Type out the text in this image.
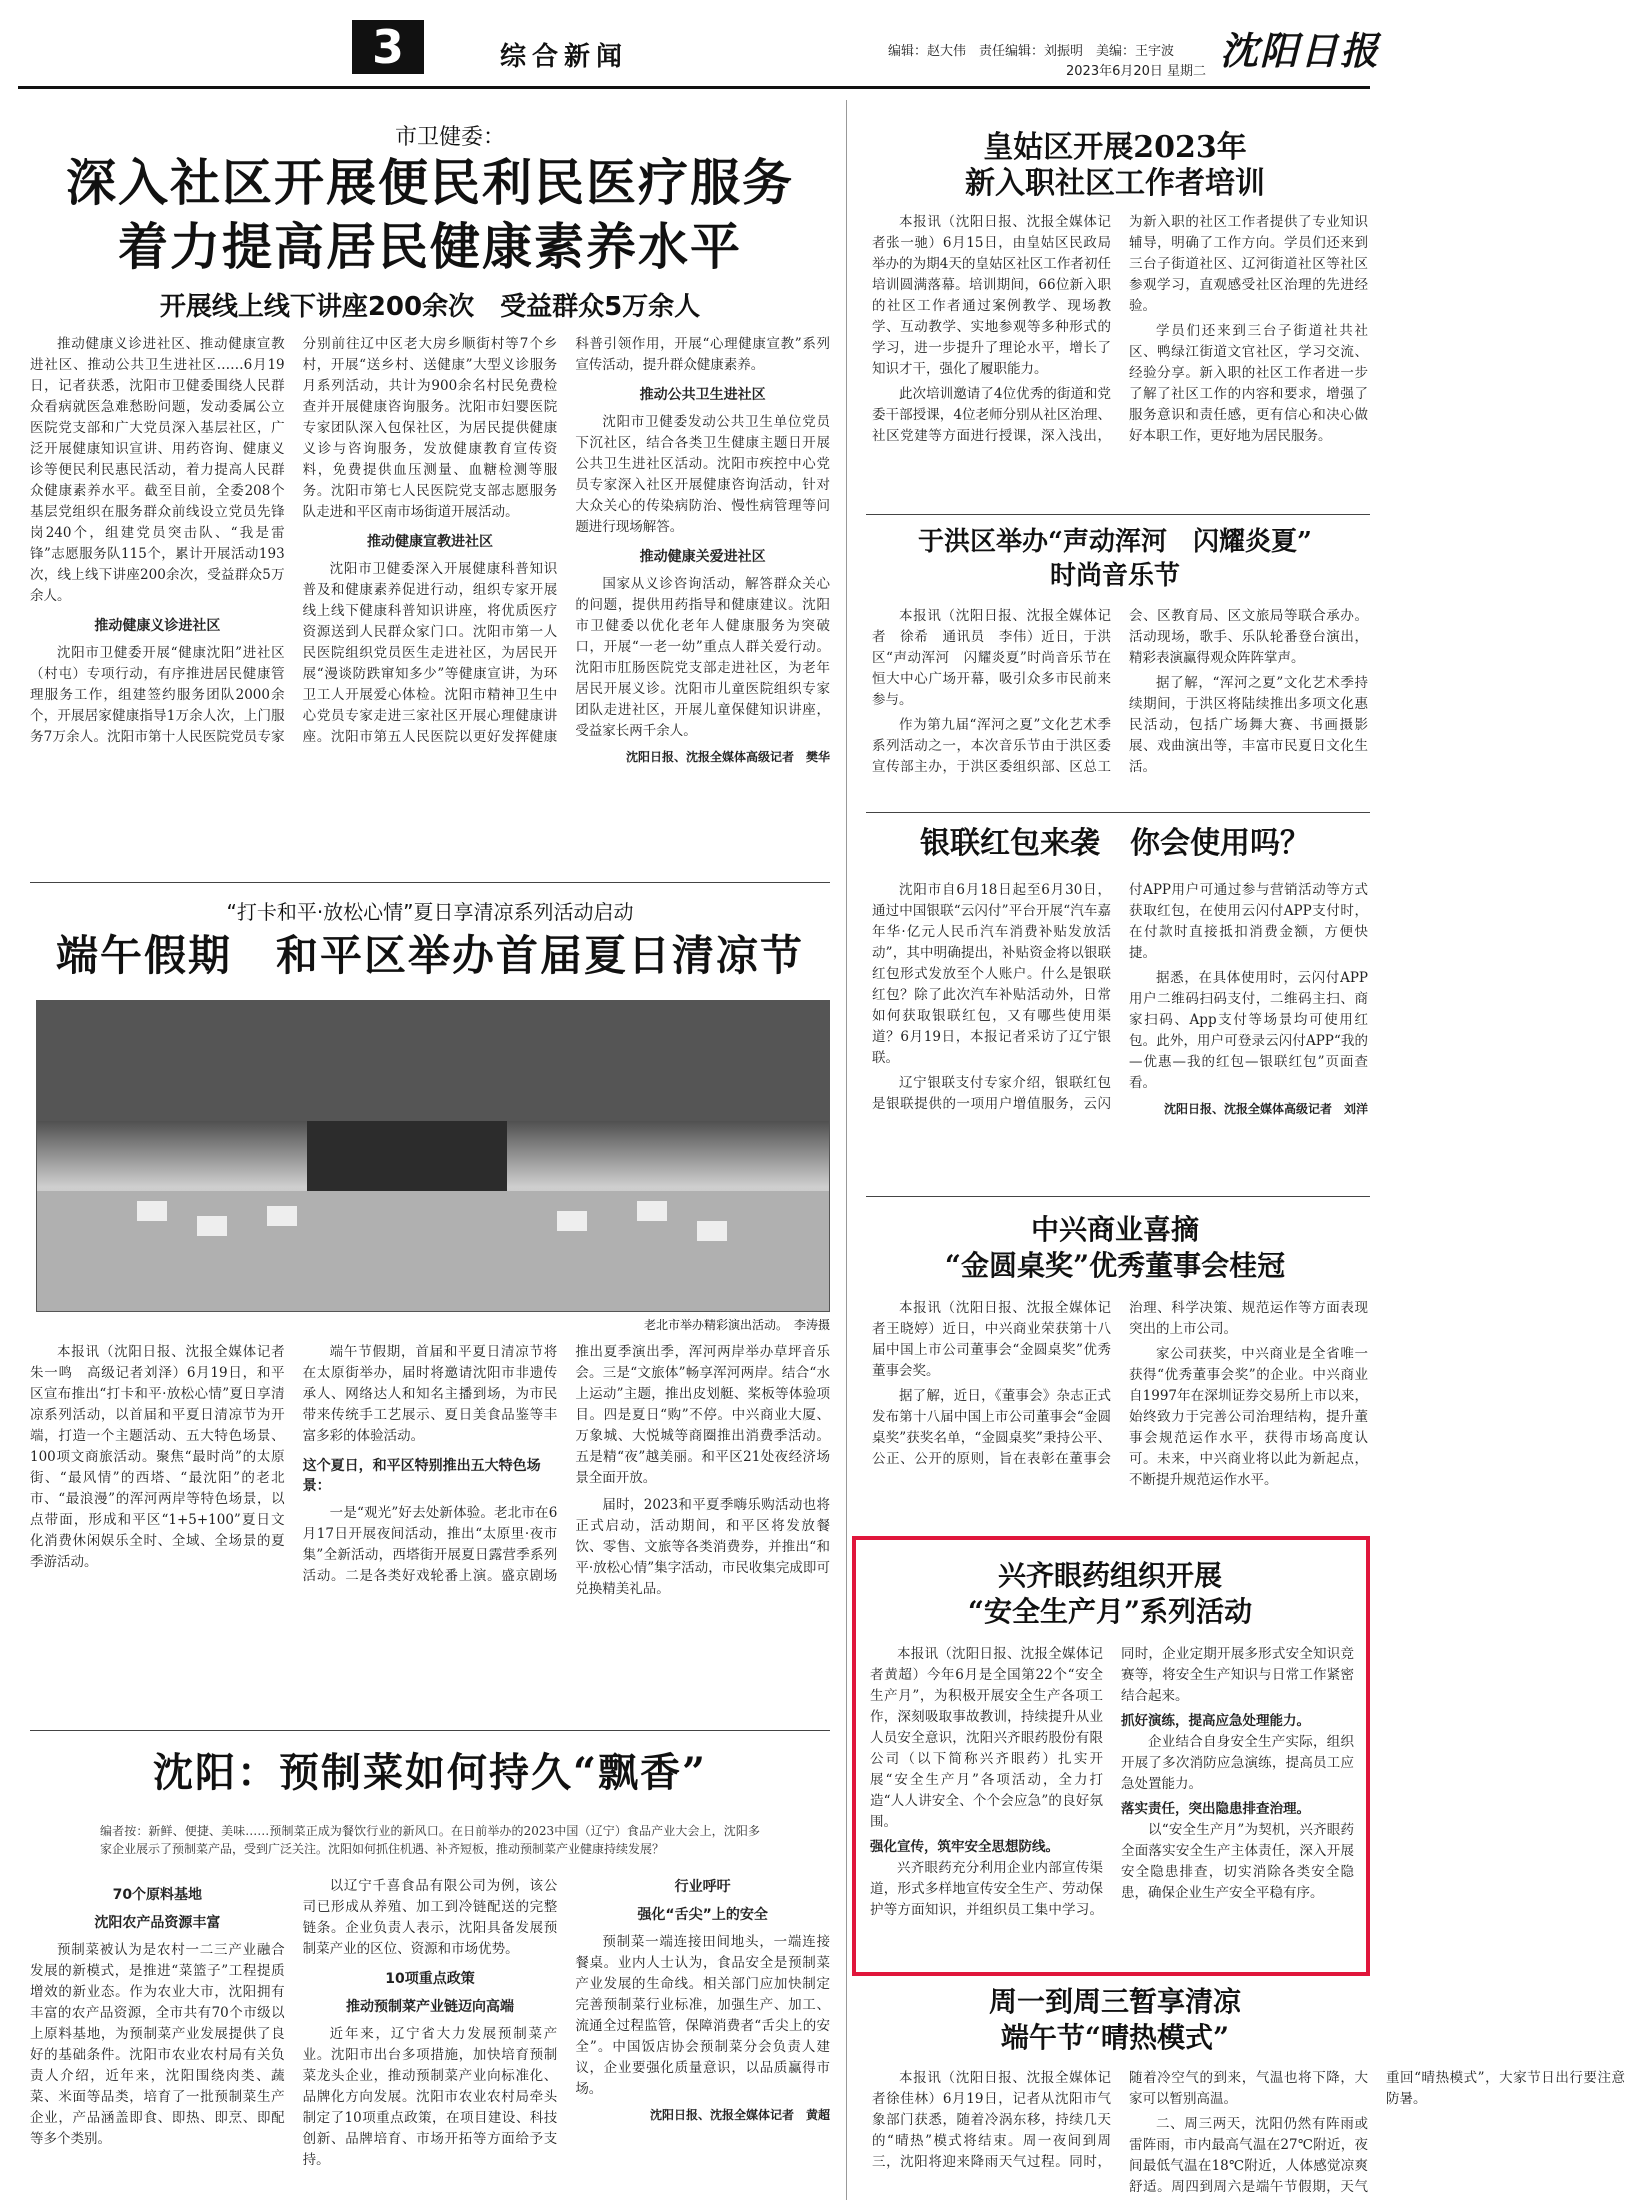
3	综合新闻	编辑：赵大伟　责任编辑：刘振明　美编：王宇波
2023年6月20日 星期二 沈阳日报
市卫健委：
深入社区开展便民利民医疗服务
着力提高居民健康素养水平
开展线上线下讲座200余次　受益群众5万余人

推动健康义诊进社区、推动健康宣教进社区、推动公共卫生进社区……6月19日，记者获悉，沈阳市卫健委围绕人民群众看病就医急难愁盼问题，发动委属公立医院党支部和广大党员深入基层社区，广泛开展健康知识宣讲、用药咨询、健康义诊等便民利民惠民活动，着力提高人民群众健康素养水平。截至目前，全委208个基层党组织在服务群众前线设立党员先锋岗240个，组建党员突击队、“我是雷锋”志愿服务队115个，累计开展活动193次，线上线下讲座200余次，受益群众5万余人。

推动健康义诊进社区

沈阳市卫健委开展“健康沈阳”进社区（村屯）专项行动，有序推进居民健康管理服务工作，组建签约服务团队2000余个，开展居家健康指导1万余人次，上门服务7万余人。沈阳市第十人民医院党员专家分别前往辽中区老大房乡顺街村等7个乡村，开展“送乡村、送健康”大型义诊服务月系列活动，共计为900余名村民免费检查并开展健康咨询服务。沈阳市妇婴医院专家团队深入包保社区，为居民提供健康义诊与咨询服务，发放健康教育宣传资料，免费提供血压测量、血糖检测等服务。沈阳市第七人民医院党支部志愿服务队走进和平区南市场街道开展活动。

推动健康宣教进社区

沈阳市卫健委深入开展健康科普知识普及和健康素养促进行动，组织专家开展线上线下健康科普知识讲座，将优质医疗资源送到人民群众家门口。沈阳市第一人民医院组织党员医生走进社区，为居民开展“漫谈防跌窜知多少”等健康宣讲，为环卫工人开展爱心体检。沈阳市精神卫生中心党员专家走进三家社区开展心理健康讲座。沈阳市第五人民医院以更好发挥健康科普引领作用，开展“心理健康宣教”系列宣传活动，提升群众健康素养。

推动公共卫生进社区

沈阳市卫健委发动公共卫生单位党员下沉社区，结合各类卫生健康主题日开展公共卫生进社区活动。沈阳市疾控中心党员专家深入社区开展健康咨询活动，针对大众关心的传染病防治、慢性病管理等问题进行现场解答。

推动健康关爱进社区

国家从义诊咨询活动，解答群众关心的问题，提供用药指导和健康建议。沈阳市卫健委以优化老年人健康服务为突破口，开展“一老一幼”重点人群关爱行动。沈阳市肛肠医院党支部走进社区，为老年居民开展义诊。沈阳市儿童医院组织专家团队走进社区，开展儿童保健知识讲座，受益家长两千余人。

沈阳日报、沈报全媒体高级记者　樊华
“打卡和平·放松心情”夏日享清凉系列活动启动
端午假期　和平区举办首届夏日清凉节
老北市举办精彩演出活动。　李涛摄

本报讯（沈阳日报、沈报全媒体记者朱一鸣　高级记者刘泽）6月19日，和平区宣布推出“打卡和平·放松心情”夏日享清凉系列活动，以首届和平夏日清凉节为开端，打造一个主题活动、五大特色场景、100项文商旅活动。聚焦“最时尚”的太原街、“最风情”的西塔、“最沈阳”的老北市、“最浪漫”的浑河两岸等特色场景，以点带面，形成和平区“1+5+100”夏日文化消费休闲娱乐全时、全域、全场景的夏季游活动。

端午节假期，首届和平夏日清凉节将在太原街举办，届时将邀请沈阳市非遗传承人、网络达人和知名主播到场，为市民带来传统手工艺展示、夏日美食品鉴等丰富多彩的体验活动。

这个夏日，和平区特别推出五大特色场景：

一是“观光”好去处新体验。老北市在6月17日开展夜间活动，推出“太原里·夜市集”全新活动，西塔街开展夏日露营季系列活动。二是各类好戏轮番上演。盛京剧场推出夏季演出季，浑河两岸举办草坪音乐会。三是“文旅体”畅享浑河两岸。结合“水上运动”主题，推出皮划艇、桨板等体验项目。四是夏日“购”不停。中兴商业大厦、万象城、大悦城等商圈推出消费季活动。五是精“夜”越美丽。和平区21处夜经济场景全面开放。

届时，2023和平夏季嗨乐购活动也将正式启动，活动期间，和平区将发放餐饮、零售、文旅等各类消费券，并推出“和平·放松心情”集字活动，市民收集完成即可兑换精美礼品。

沈阳：预制菜如何持久“飘香”
编者按：新鲜、便捷、美味……预制菜正成为餐饮行业的新风口。在日前举办的2023中国（辽宁）食品产业大会上，沈阳多家企业展示了预制菜产品，受到广泛关注。沈阳如何抓住机遇、补齐短板，推动预制菜产业健康持续发展？
70个原料基地
沈阳农产品资源丰富

预制菜被认为是农村一二三产业融合发展的新模式，是推进“菜篮子”工程提质增效的新业态。作为农业大市，沈阳拥有丰富的农产品资源，全市共有70个市级以上原料基地，为预制菜产业发展提供了良好的基础条件。沈阳市农业农村局有关负责人介绍，近年来，沈阳围绕肉类、蔬菜、米面等品类，培育了一批预制菜生产企业，产品涵盖即食、即热、即烹、即配等多个类别。

以辽宁千喜食品有限公司为例，该公司已形成从养殖、加工到冷链配送的完整链条。企业负责人表示，沈阳具备发展预制菜产业的区位、资源和市场优势。

10项重点政策
推动预制菜产业链迈向高端

近年来，辽宁省大力发展预制菜产业。沈阳市出台多项措施，加快培育预制菜龙头企业，推动预制菜产业向标准化、品牌化方向发展。沈阳市农业农村局牵头制定了10项重点政策，在项目建设、科技创新、品牌培育、市场开拓等方面给予支持。

行业呼吁
强化“舌尖”上的安全

预制菜一端连接田间地头，一端连接餐桌。业内人士认为，食品安全是预制菜产业发展的生命线。相关部门应加快制定完善预制菜行业标准，加强生产、加工、流通全过程监管，保障消费者“舌尖上的安全”。中国饭店协会预制菜分会负责人建议，企业要强化质量意识，以品质赢得市场。

沈阳日报、沈报全媒体记者　黄超
皇姑区开展2023年
新入职社区工作者培训

本报讯（沈阳日报、沈报全媒体记者张一驰）6月15日，由皇姑区民政局举办的为期4天的皇姑区社区工作者初任培训圆满落幕。培训期间，66位新入职的社区工作者通过案例教学、现场教学、互动教学、实地参观等多种形式的学习，进一步提升了理论水平，增长了知识才干，强化了履职能力。

此次培训邀请了4位优秀的街道和党委干部授课，4位老师分别从社区治理、社区党建等方面进行授课，深入浅出，为新入职的社区工作者提供了专业知识辅导，明确了工作方向。学员们还来到三台子街道社区、辽河街道社区等社区参观学习，直观感受社区治理的先进经验。

学员们还来到三台子街道社共社区、鸭绿江街道文官社区，学习交流、经验分享。新入职的社区工作者进一步了解了社区工作的内容和要求，增强了服务意识和责任感，更有信心和决心做好本职工作，更好地为居民服务。

于洪区举办“声动浑河　闪耀炎夏”
时尚音乐节

本报讯（沈阳日报、沈报全媒体记者　徐希　通讯员　李伟）近日，于洪区“声动浑河　闪耀炎夏”时尚音乐节在恒大中心广场开幕，吸引众多市民前来参与。

作为第九届“浑河之夏”文化艺术季系列活动之一，本次音乐节由于洪区委宣传部主办，于洪区委组织部、区总工会、区教育局、区文旅局等联合承办。活动现场，歌手、乐队轮番登台演出，精彩表演赢得观众阵阵掌声。

据了解，“浑河之夏”文化艺术季持续期间，于洪区将陆续推出多项文化惠民活动，包括广场舞大赛、书画摄影展、戏曲演出等，丰富市民夏日文化生活。

银联红包来袭　你会使用吗？

沈阳市自6月18日起至6月30日，通过中国银联“云闪付”平台开展“汽车嘉年华·亿元人民币汽车消费补贴发放活动”，其中明确提出，补贴资金将以银联红包形式发放至个人账户。什么是银联红包？除了此次汽车补贴活动外，日常如何获取银联红包，又有哪些使用渠道？6月19日，本报记者采访了辽宁银联。

辽宁银联支付专家介绍，银联红包是银联提供的一项用户增值服务，云闪付APP用户可通过参与营销活动等方式获取红包，在使用云闪付APP支付时，在付款时直接抵扣消费金额，方便快捷。

据悉，在具体使用时，云闪付APP用户二维码扫码支付，二维码主扫、商家扫码、App支付等场景均可使用红包。此外，用户可登录云闪付APP“我的—优惠—我的红包—银联红包”页面查看。

沈阳日报、沈报全媒体高级记者　刘洋
中兴商业喜摘
“金圆桌奖”优秀董事会桂冠

本报讯（沈阳日报、沈报全媒体记者王晓婷）近日，中兴商业荣获第十八届中国上市公司董事会“金圆桌奖”优秀董事会奖。

据了解，近日，《董事会》杂志正式发布第十八届中国上市公司董事会“金圆桌奖”获奖名单，“金圆桌奖”秉持公平、公正、公开的原则，旨在表彰在董事会治理、科学决策、规范运作等方面表现突出的上市公司。

家公司获奖，中兴商业是全省唯一获得“优秀董事会奖”的企业。中兴商业自1997年在深圳证券交易所上市以来，始终致力于完善公司治理结构，提升董事会规范运作水平，获得市场高度认可。未来，中兴商业将以此为新起点，不断提升规范运作水平。

兴齐眼药组织开展
“安全生产月”系列活动

本报讯（沈阳日报、沈报全媒体记者黄超）今年6月是全国第22个“安全生产月”，为积极开展安全生产各项工作，深刻吸取事故教训，持续提升从业人员安全意识，沈阳兴齐眼药股份有限公司（以下简称兴齐眼药）扎实开展“安全生产月”各项活动，全力打造“人人讲安全、个个会应急”的良好氛围。

强化宣传，筑牢安全思想防线。

兴齐眼药充分利用企业内部宣传渠道，形式多样地宣传安全生产、劳动保护等方面知识，并组织员工集中学习。同时，企业定期开展多形式安全知识竞赛等，将安全生产知识与日常工作紧密结合起来。

抓好演练，提高应急处理能力。

企业结合自身安全生产实际，组织开展了多次消防应急演练，提高员工应急处置能力。

落实责任，突出隐患排查治理。

以“安全生产月”为契机，兴齐眼药全面落实安全生产主体责任，深入开展安全隐患排查，切实消除各类安全隐患，确保企业生产安全平稳有序。

周一到周三暂享清凉
端午节“晴热模式”

本报讯（沈阳日报、沈报全媒体记者徐佳林）6月19日，记者从沈阳市气象部门获悉，随着冷涡东移，持续几天的“晴热”模式将结束。周一夜间到周三，沈阳将迎来降雨天气过程。同时，随着冷空气的到来，气温也将下降，大家可以暂别高温。

二、周三两天，沈阳仍然有阵雨或雷阵雨，市内最高气温在27℃附近，夜间最低气温在18℃附近，人体感觉凉爽舒适。周四到周六是端午节假期，天气重回“晴热模式”，大家节日出行要注意防暑。
